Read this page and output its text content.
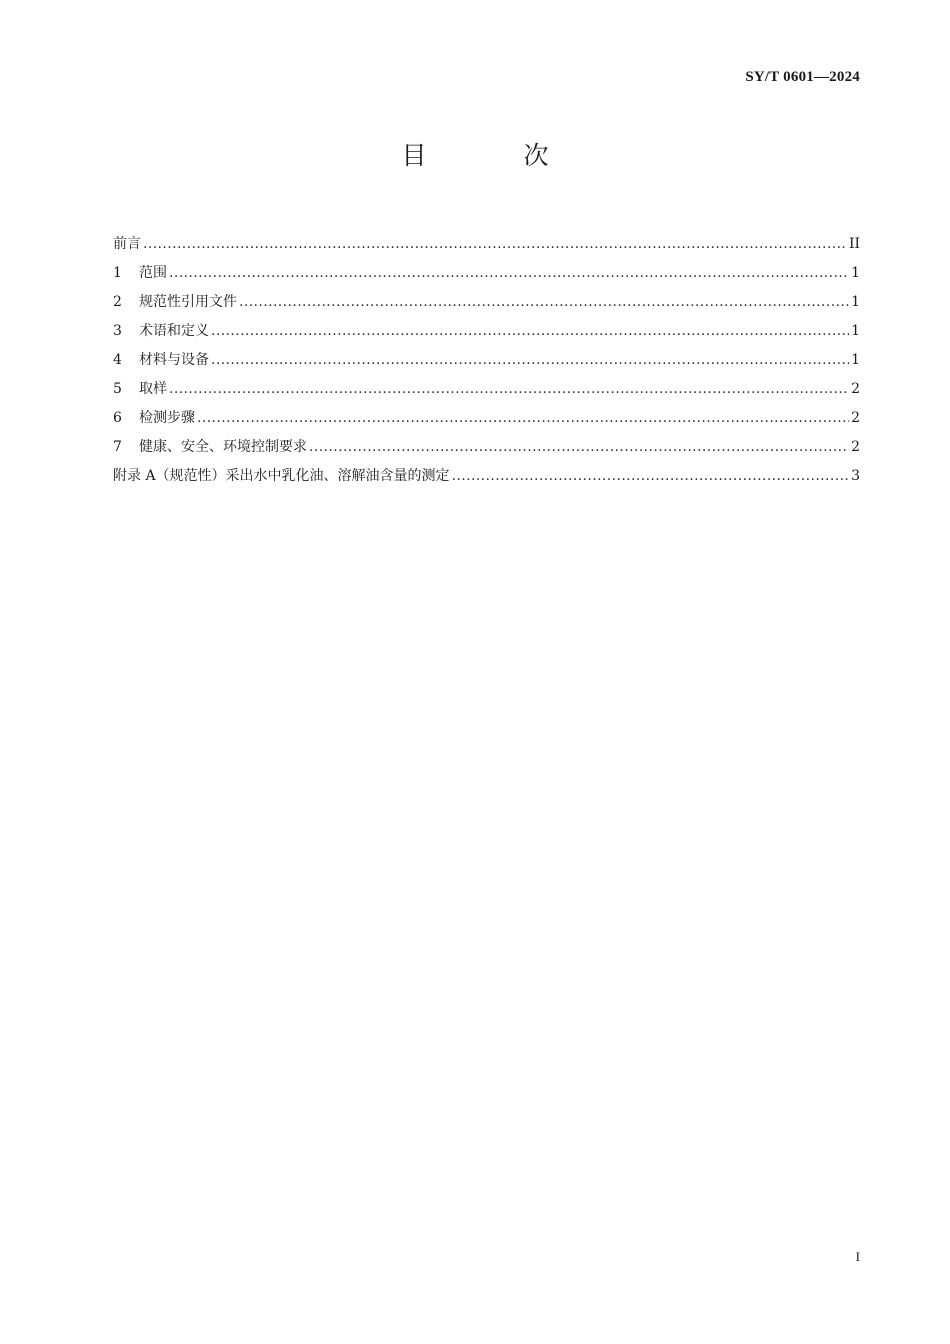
SY/T 0601—2024
目　次
前言 .....	II
1	范围 .....	1
2	规范性引用文件 .....	1
3	术语和定义 .....	1
4	材料与设备 .....	1
5	取样 .....	2
6	检测步骤 .....	2
7	健康、安全、环境控制要求 .....	2
附录 A（规范性）采出水中乳化油、溶解油含量的测定 .....	3
I
